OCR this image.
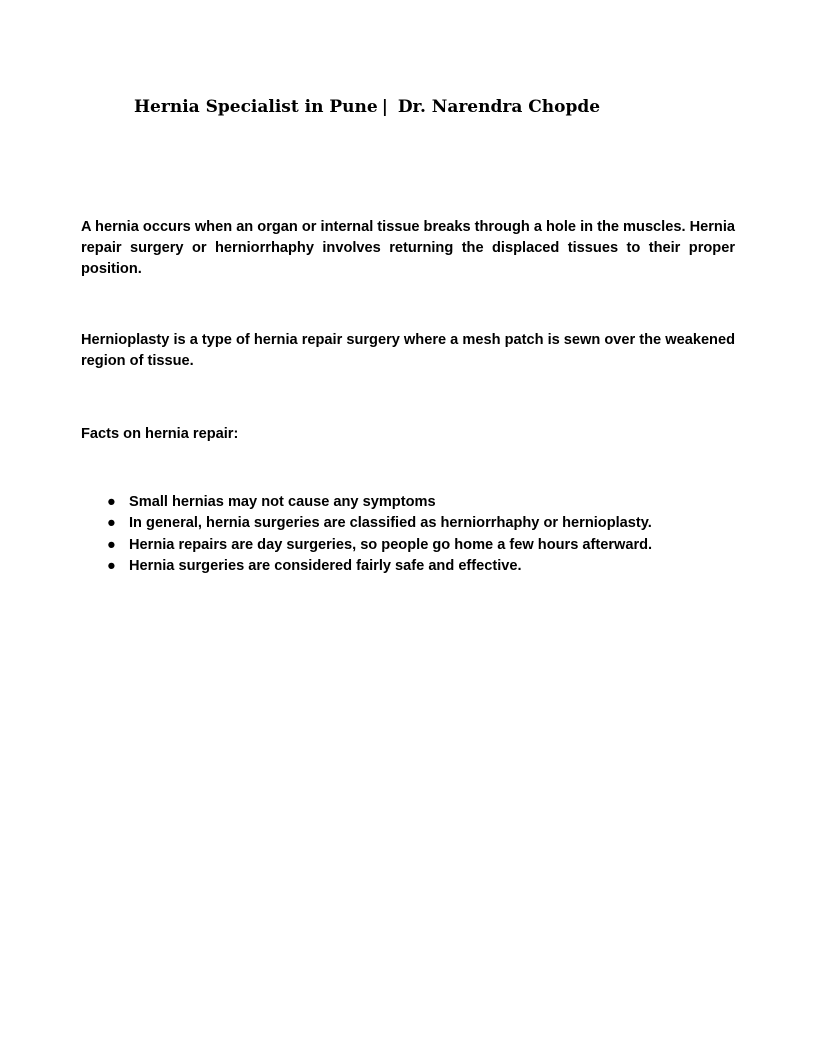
Hernia Specialist in Pune | Dr. Narendra Chopde

A hernia occurs when an organ or internal tissue breaks through a hole in the muscles. Hernia repair surgery or herniorrhaphy involves returning the displaced tissues to their proper position.

Hernioplasty is a type of hernia repair surgery where a mesh patch is sewn over the weakened region of tissue.

Facts on hernia repair:

● Small hernias may not cause any symptoms
● In general, hernia surgeries are classified as herniorrhaphy or hernioplasty.
● Hernia repairs are day surgeries, so people go home a few hours afterward.
● Hernia surgeries are considered fairly safe and effective.
